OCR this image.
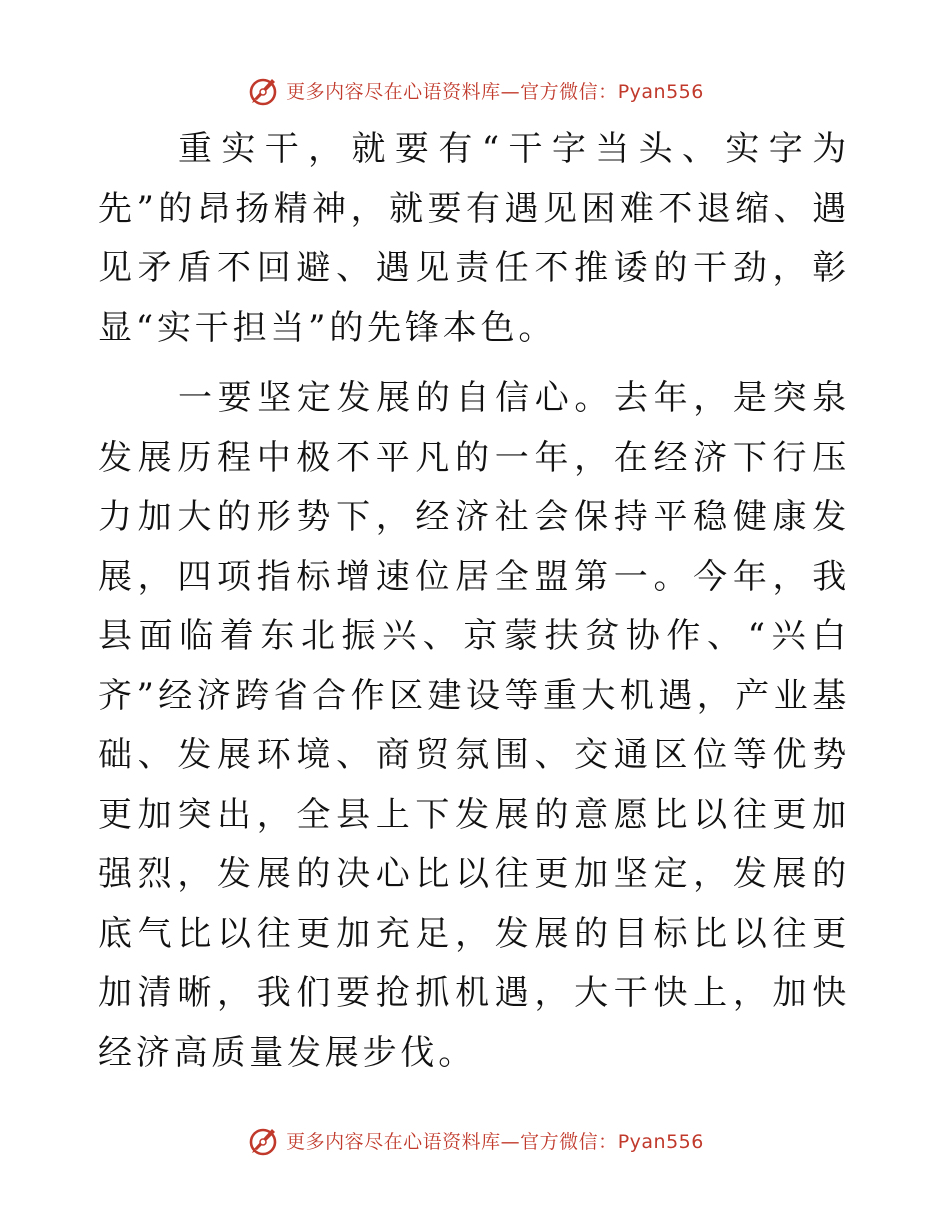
更多内容尽在心语资料库—官方微信：Pyan556

重实干，就要有“干字当头、实字为先”的昂扬精神，就要有遇见困难不退缩、遇见矛盾不回避、遇见责任不推诿的干劲，彰显“实干担当”的先锋本色。

一要坚定发展的自信心。去年，是突泉发展历程中极不平凡的一年，在经济下行压力加大的形势下，经济社会保持平稳健康发展，四项指标增速位居全盟第一。今年，我县面临着东北振兴、京蒙扶贫协作、“兴白齐”经济跨省合作区建设等重大机遇，产业基础、发展环境、商贸氛围、交通区位等优势更加突出，全县上下发展的意愿比以往更加强烈，发展的决心比以往更加坚定，发展的底气比以往更加充足，发展的目标比以往更加清晰，我们要抢抓机遇，大干快上，加快经济高质量发展步伐。

更多内容尽在心语资料库—官方微信：Pyan556
